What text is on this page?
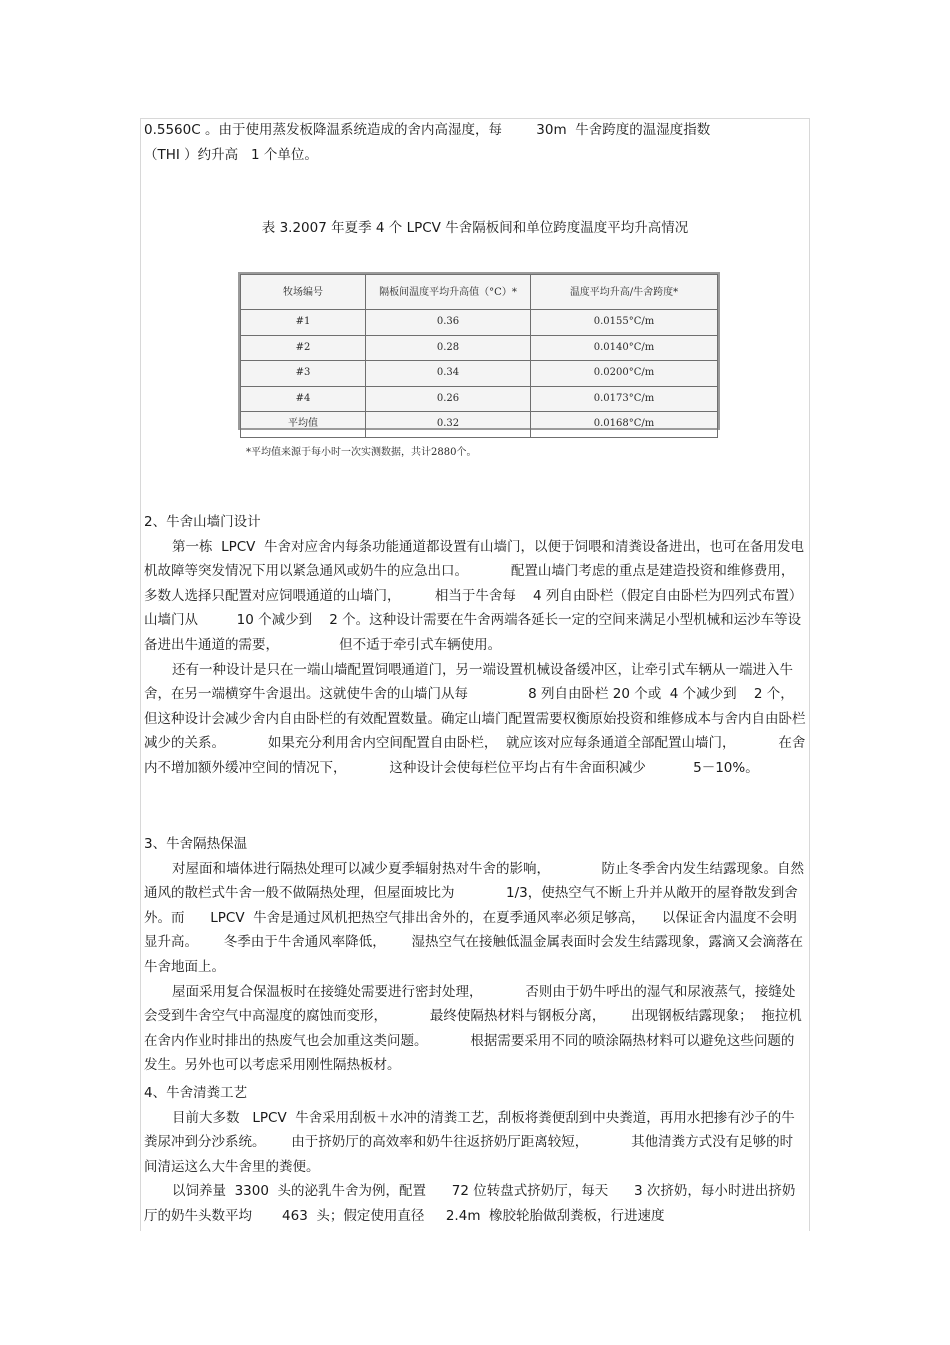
0.5560C 。由于使用蒸发板降温系统造成的舍内高湿度，每        30m  牛舍跨度的温湿度指数

（THI ）约升高   1 个单位。

表 3.2007 年夏季 4 个 LPCV 牛舍隔板间和单位跨度温度平均升高情况
牧场编号	隔板间温度平均升高值（°C）*	温度平均升高/牛舍跨度*
#1	0.36	0.0155°C/m
#2	0.28	0.0140°C/m
#3	0.34	0.0200°C/m
#4	0.26	0.0173°C/m
平均值	0.32	0.0168°C/m
*平均值来源于每小时一次实测数据，共计2880个。

2、牛舍山墙门设计

第一栋  LPCV  牛舍对应舍内每条功能通道都设置有山墙门，以便于饲喂和清粪设备进出，也可在备用发电机故障等突发情况下用以紧急通风或奶牛的应急出口。          配置山墙门考虑的重点是建造投资和维修费用，      多数人选择只配置对应饲喂通道的山墙门，        相当于牛舍每    4 列自由卧栏（假定自由卧栏为四列式布置）山墙门从         10 个减少到    2 个。这种设计需要在牛舍两端各延长一定的空间来满足小型机械和运沙车等设备进出牛通道的需要，              但不适于牵引式车辆使用。

还有一种设计是只在一端山墙配置饲喂通道门，另一端设置机械设备缓冲区，让牵引式车辆从一端进入牛舍，在另一端横穿牛舍退出。这就使牛舍的山墙门从每              8 列自由卧栏 20 个或  4 个减少到    2 个，但这种设计会减少舍内自由卧栏的有效配置数量。确定山墙门配置需要权衡原始投资和维修成本与舍内自由卧栏减少的关系。          如果充分利用舍内空间配置自由卧栏，  就应该对应每条通道全部配置山墙门，          在舍内不增加额外缓冲空间的情况下，          这种设计会使每栏位平均占有牛舍面积减少           5－10%。

3、牛舍隔热保温

对屋面和墙体进行隔热处理可以减少夏季辐射热对牛舍的影响，            防止冬季舍内发生结露现象。自然通风的散栏式牛舍一般不做隔热处理，但屋面坡比为            1/3，使热空气不断上升并从敞开的屋脊散发到舍外。而      LPCV  牛舍是通过风机把热空气排出舍外的，在夏季通风率必须足够高，    以保证舍内温度不会明显升高。      冬季由于牛舍通风率降低，      湿热空气在接触低温金属表面时会发生结露现象，露滴又会滴落在牛舍地面上。

屋面采用复合保温板时在接缝处需要进行密封处理，          否则由于奶牛呼出的湿气和尿液蒸气，接缝处会受到牛舍空气中高湿度的腐蚀而变形，          最终使隔热材料与钢板分离，      出现钢板结露现象；  拖拉机在舍内作业时排出的热废气也会加重这类问题。          根据需要采用不同的喷涂隔热材料可以避免这些问题的发生。另外也可以考虑采用刚性隔热板材。

4、牛舍清粪工艺

目前大多数   LPCV  牛舍采用刮板＋水冲的清粪工艺，刮板将粪便刮到中央粪道，再用水把掺有沙子的牛粪尿冲到分沙系统。      由于挤奶厅的高效率和奶牛往返挤奶厅距离较短，          其他清粪方式没有足够的时间清运这么大牛舍里的粪便。

以饲养量  3300  头的泌乳牛舍为例，配置      72 位转盘式挤奶厅，每天      3 次挤奶，每小时进出挤奶厅的奶牛头数平均       463  头；假定使用直径     2.4m  橡胶轮胎做刮粪板，行进速度
